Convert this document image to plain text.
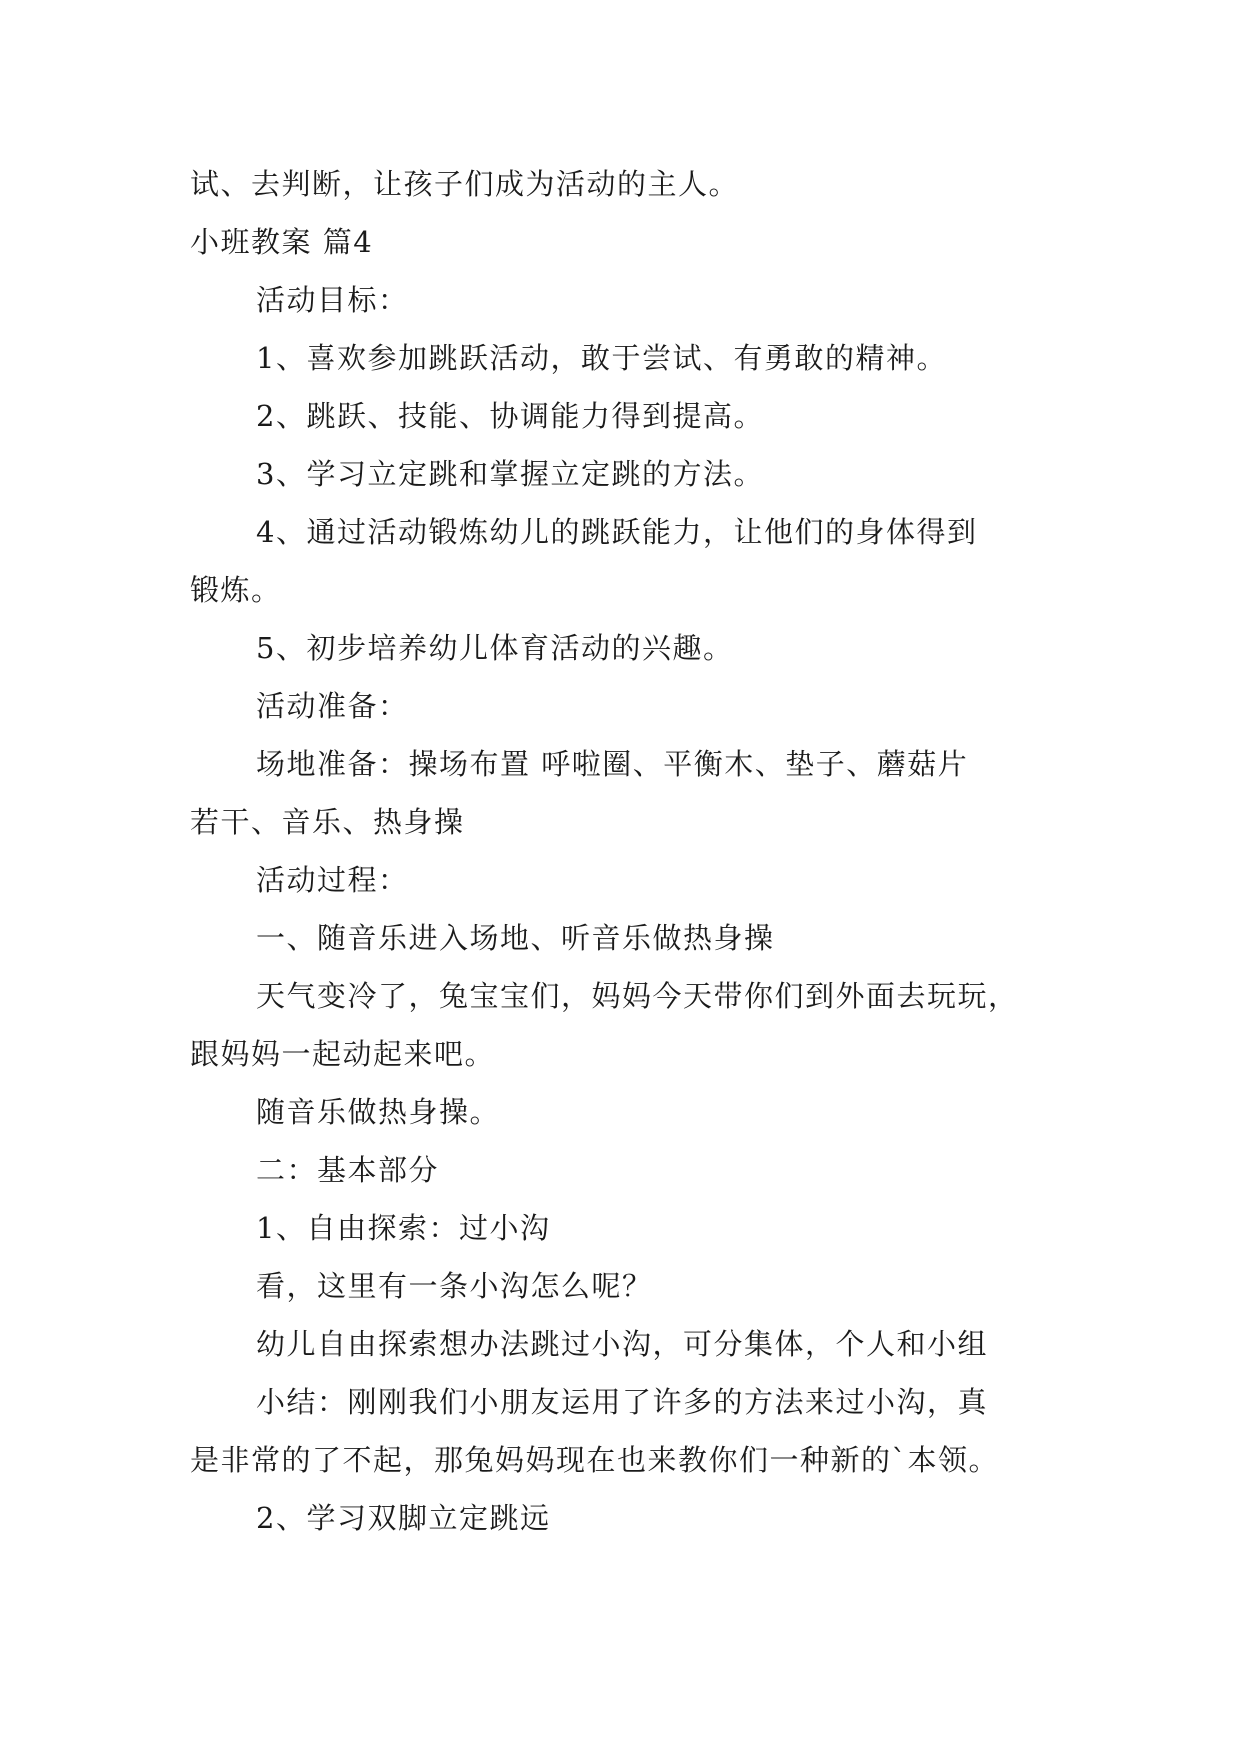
试、去判断，让孩子们成为活动的主人。
小班教案 篇4
活动目标：
1、喜欢参加跳跃活动，敢于尝试、有勇敢的精神。
2、跳跃、技能、协调能力得到提高。
3、学习立定跳和掌握立定跳的方法。
4、通过活动锻炼幼儿的跳跃能力，让他们的身体得到
锻炼。
5、初步培养幼儿体育活动的兴趣。
活动准备：
场地准备：操场布置 呼啦圈、平衡木、垫子、蘑菇片
若干、音乐、热身操
活动过程：
一、随音乐进入场地、听音乐做热身操
天气变冷了，兔宝宝们，妈妈今天带你们到外面去玩玩，
跟妈妈一起动起来吧。
随音乐做热身操。
二：基本部分
1、自由探索：过小沟
看，这里有一条小沟怎么呢？
幼儿自由探索想办法跳过小沟，可分集体，个人和小组
小结：刚刚我们小朋友运用了许多的方法来过小沟，真
是非常的了不起，那兔妈妈现在也来教你们一种新的`本领。
2、学习双脚立定跳远
